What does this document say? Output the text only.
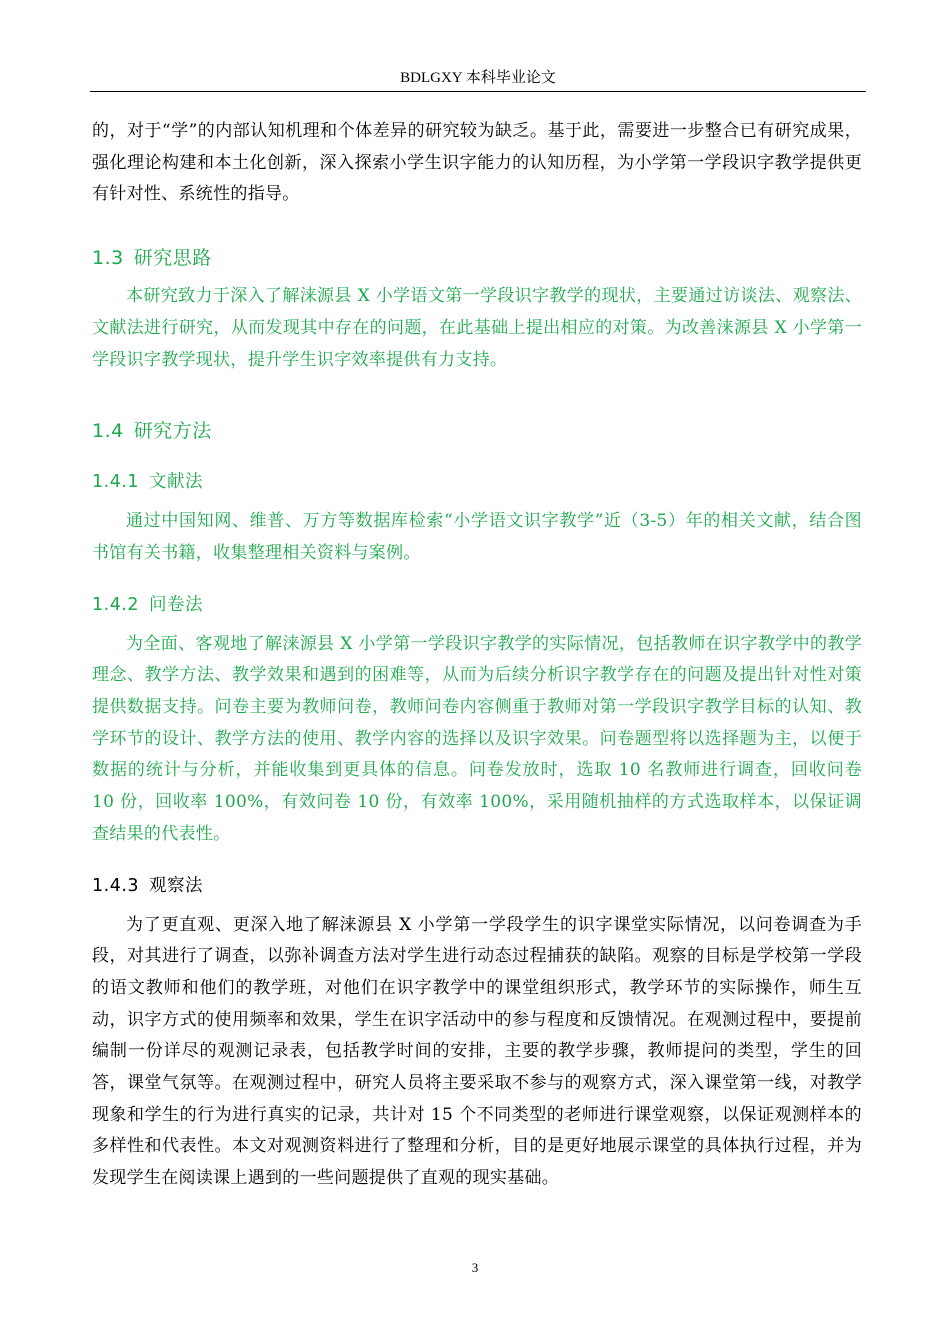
BDLGXY 本科毕业论文

的，对于“学”的内部认知机理和个体差异的研究较为缺乏。基于此，需要进一步整合已有研究成果，强化理论构建和本土化创新，深入探索小学生识字能力的认知历程，为小学第一学段识字教学提供更有针对性、系统性的指导。

1.3 研究思路

本研究致力于深入了解涞源县 X 小学语文第一学段识字教学的现状，主要通过访谈法、观察法、文献法进行研究，从而发现其中存在的问题，在此基础上提出相应的对策。为改善涞源县 X 小学第一学段识字教学现状，提升学生识字效率提供有力支持。

1.4 研究方法
1.4.1 文献法

通过中国知网、维普、万方等数据库检索“小学语文识字教学”近（3-5）年的相关文献，结合图书馆有关书籍，收集整理相关资料与案例。

1.4.2 问卷法

为全面、客观地了解涞源县 X 小学第一学段识字教学的实际情况，包括教师在识字教学中的教学理念、教学方法、教学效果和遇到的困难等，从而为后续分析识字教学存在的问题及提出针对性对策提供数据支持。问卷主要为教师问卷，教师问卷内容侧重于教师对第一学段识字教学目标的认知、教学环节的设计、教学方法的使用、教学内容的选择以及识字效果。问卷题型将以选择题为主，以便于数据的统计与分析，并能收集到更具体的信息。问卷发放时，选取 10 名教师进行调查，回收问卷 10 份，回收率 100%，有效问卷 10 份，有效率 100%，采用随机抽样的方式选取样本，以保证调查结果的代表性。

1.4.3 观察法

为了更直观、更深入地了解涞源县 X 小学第一学段学生的识字课堂实际情况，以问卷调查为手段，对其进行了调查，以弥补调查方法对学生进行动态过程捕获的缺陷。观察的目标是学校第一学段的语文教师和他们的教学班，对他们在识字教学中的课堂组织形式，教学环节的实际操作，师生互动，识字方式的使用频率和效果，学生在识字活动中的参与程度和反馈情况。在观测过程中，要提前编制一份详尽的观测记录表，包括教学时间的安排，主要的教学步骤，教师提问的类型，学生的回答，课堂气氛等。在观测过程中，研究人员将主要采取不参与的观察方式，深入课堂第一线，对教学现象和学生的行为进行真实的记录，共计对 15 个不同类型的老师进行课堂观察，以保证观测样本的多样性和代表性。本文对观测资料进行了整理和分析，目的是更好地展示课堂的具体执行过程，并为发现学生在阅读课上遇到的一些问题提供了直观的现实基础。

3
